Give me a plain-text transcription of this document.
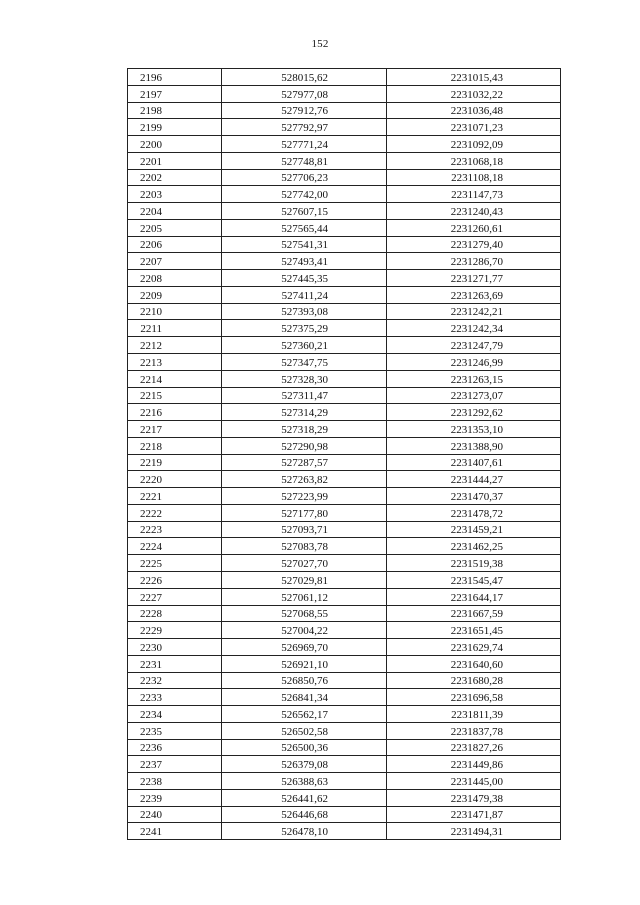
152
2196	528015,62	2231015,43
2197	527977,08	2231032,22
2198	527912,76	2231036,48
2199	527792,97	2231071,23
2200	527771,24	2231092,09
2201	527748,81	2231068,18
2202	527706,23	2231108,18
2203	527742,00	2231147,73
2204	527607,15	2231240,43
2205	527565,44	2231260,61
2206	527541,31	2231279,40
2207	527493,41	2231286,70
2208	527445,35	2231271,77
2209	527411,24	2231263,69
2210	527393,08	2231242,21
2211	527375,29	2231242,34
2212	527360,21	2231247,79
2213	527347,75	2231246,99
2214	527328,30	2231263,15
2215	527311,47	2231273,07
2216	527314,29	2231292,62
2217	527318,29	2231353,10
2218	527290,98	2231388,90
2219	527287,57	2231407,61
2220	527263,82	2231444,27
2221	527223,99	2231470,37
2222	527177,80	2231478,72
2223	527093,71	2231459,21
2224	527083,78	2231462,25
2225	527027,70	2231519,38
2226	527029,81	2231545,47
2227	527061,12	2231644,17
2228	527068,55	2231667,59
2229	527004,22	2231651,45
2230	526969,70	2231629,74
2231	526921,10	2231640,60
2232	526850,76	2231680,28
2233	526841,34	2231696,58
2234	526562,17	2231811,39
2235	526502,58	2231837,78
2236	526500,36	2231827,26
2237	526379,08	2231449,86
2238	526388,63	2231445,00
2239	526441,62	2231479,38
2240	526446,68	2231471,87
2241	526478,10	2231494,31
